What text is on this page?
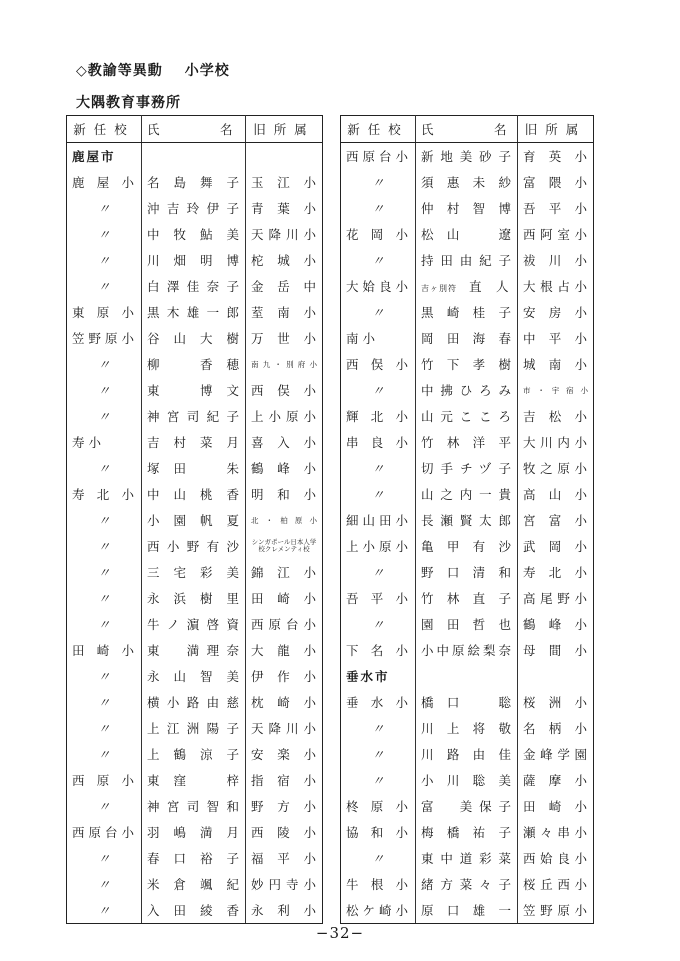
◇教諭等異動 小学校
大隅教育事務所
新任校	氏　名	旧所属
鹿屋市		
鹿屋小	名島舞子	玉江小
〃	沖吉玲伊子	青葉小
〃	中牧鮎美	天降川小
〃	川畑明博	柁城小
〃	白澤佳奈子	金岳中
東原小	黒木雄一郎	荎南小
笠野原小	谷山大樹	万世小
〃	柳　香穂	南九・別府小
〃	東　博文	西俣小
〃	神宮司紀子	上小原小
寿小	吉村菜月	喜入小
〃	塚田　朱	鶴峰小
寿北小	中山桃香	明和小
〃	小園帆夏	北・柏原小
〃	西小野有沙	シンガポール日本人学校クレメンティ校
〃	三宅彩美	錦江小
〃	永浜樹里	田崎小
〃	牛ノ濵啓資	西原台小
田崎小	東　満理奈	大龍小
〃	永山智美	伊作小
〃	横小路由慈	枕崎小
〃	上江洲陽子	天降川小
〃	上鶴涼子	安楽小
西原小	東窪　梓	指宿小
〃	神宮司智和	野方小
西原台小	羽嶋満月	西陵小
〃	春口裕子	福平小
〃	米倉颯紀	妙円寺小
〃	入田綾香	永利小
新任校	氏　名	旧所属
西原台小	新地美砂子	育英小
〃	須惠未紗	富隈小
〃	仲村智博	吾平小
花岡小	松山　遼	西阿室小
〃	持田由紀子	祓川小
大姶良小	吉ヶ別符 直　人	大根占小
〃	黒崎桂子	安房小
南小	岡田海春	中平小
西俣小	竹下孝樹	城南小
〃	中拂ひろみ	市・宇宿小
輝北小	山元こころ	吉松小
串良小	竹林洋平	大川内小
〃	切手チヅ子	牧之原小
〃	山之内一貴	高山小
細山田小	長瀬賢太郎	宮富小
上小原小	亀甲有沙	武岡小
〃	野口清和	寿北小
吾平小	竹林直子	高尾野小
〃	園田哲也	鶴峰小
下名小	小中原絵梨奈	母間小
垂水市		
垂水小	橋口　聡	桜洲小
〃	川上将敬	名柄小
〃	川路由佳	金峰学園
〃	小川聡美	薩摩小
柊原小	富　美保子	田崎小
協和小	梅橋祐子	瀬々串小
〃	東中道彩菜	西姶良小
牛根小	緒方菜々子	桜丘西小
松ケ崎小	原口雄一	笠野原小
−32−
